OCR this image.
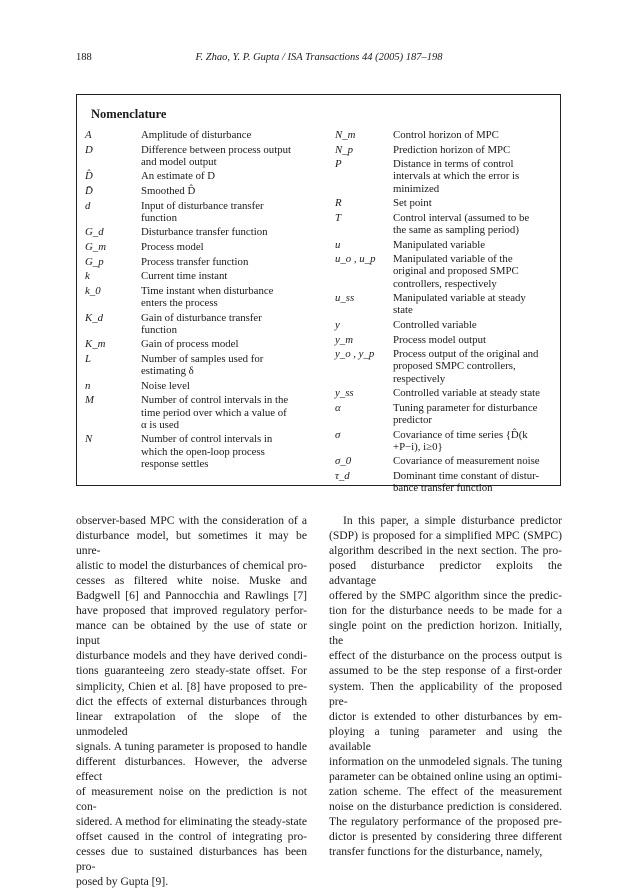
188	F. Zhao, Y. P. Gupta / ISA Transactions 44 (2005) 187–198
Nomenclature
A	Amplitude of disturbance
D	Difference between process output
and model output
D̂	An estimate of D
D̄	Smoothed D̂
d	Input of disturbance transfer
function
G_d	Disturbance transfer function
G_m	Process model
G_p	Process transfer function
k	Current time instant
k_0	Time instant when disturbance
enters the process
K_d	Gain of disturbance transfer
function
K_m	Gain of process model
L	Number of samples used for
estimating δ
n	Noise level
M	Number of control intervals in the
time period over which a value of
α is used
N	Number of control intervals in
which the open-loop process
response settles
N_m	Control horizon of MPC
N_p	Prediction horizon of MPC
P	Distance in terms of control
intervals at which the error is
minimized
R	Set point
T	Control interval (assumed to be
the same as sampling period)
u	Manipulated variable
u_o , u_p Manipulated variable of the
original and proposed SMPC
controllers, respectively
u_ss	Manipulated variable at steady
state
y	Controlled variable
y_m	Process model output
y_o , y_p Process output of the original and
proposed SMPC controllers,
respectively
y_ss	Controlled variable at steady state
α	Tuning parameter for disturbance
predictor
σ	Covariance of time series {D̂(k
+P−i), i≥0}
σ_0	Covariance of measurement noise
τ_d	Dominant time constant of distur-
bance transfer function
observer-based MPC with the consideration of a
disturbance model, but sometimes it may be unre-
alistic to model the disturbances of chemical pro-
cesses as filtered white noise. Muske and
Badgwell [6] and Pannocchia and Rawlings [7]
have proposed that improved regulatory perfor-
mance can be obtained by the use of state or input
disturbance models and they have derived condi-
tions guaranteeing zero steady-state offset. For
simplicity, Chien et al. [8] have proposed to pre-
dict the effects of external disturbances through
linear extrapolation of the slope of the unmodeled
signals. A tuning parameter is proposed to handle
different disturbances. However, the adverse effect
of measurement noise on the prediction is not con-
sidered. A method for eliminating the steady-state
offset caused in the control of integrating pro-
cesses due to sustained disturbances has been pro-
posed by Gupta [9].
In this paper, a simple disturbance predictor
(SDP) is proposed for a simplified MPC (SMPC)
algorithm described in the next section. The pro-
posed disturbance predictor exploits the advantage
offered by the SMPC algorithm since the predic-
tion for the disturbance needs to be made for a
single point on the prediction horizon. Initially, the
effect of the disturbance on the process output is
assumed to be the step response of a first-order
system. Then the applicability of the proposed pre-
dictor is extended to other disturbances by em-
ploying a tuning parameter and using the available
information on the unmodeled signals. The tuning
parameter can be obtained online using an optimi-
zation scheme. The effect of the measurement
noise on the disturbance prediction is considered.
The regulatory performance of the proposed pre-
dictor is presented by considering three different
transfer functions for the disturbance, namely,
